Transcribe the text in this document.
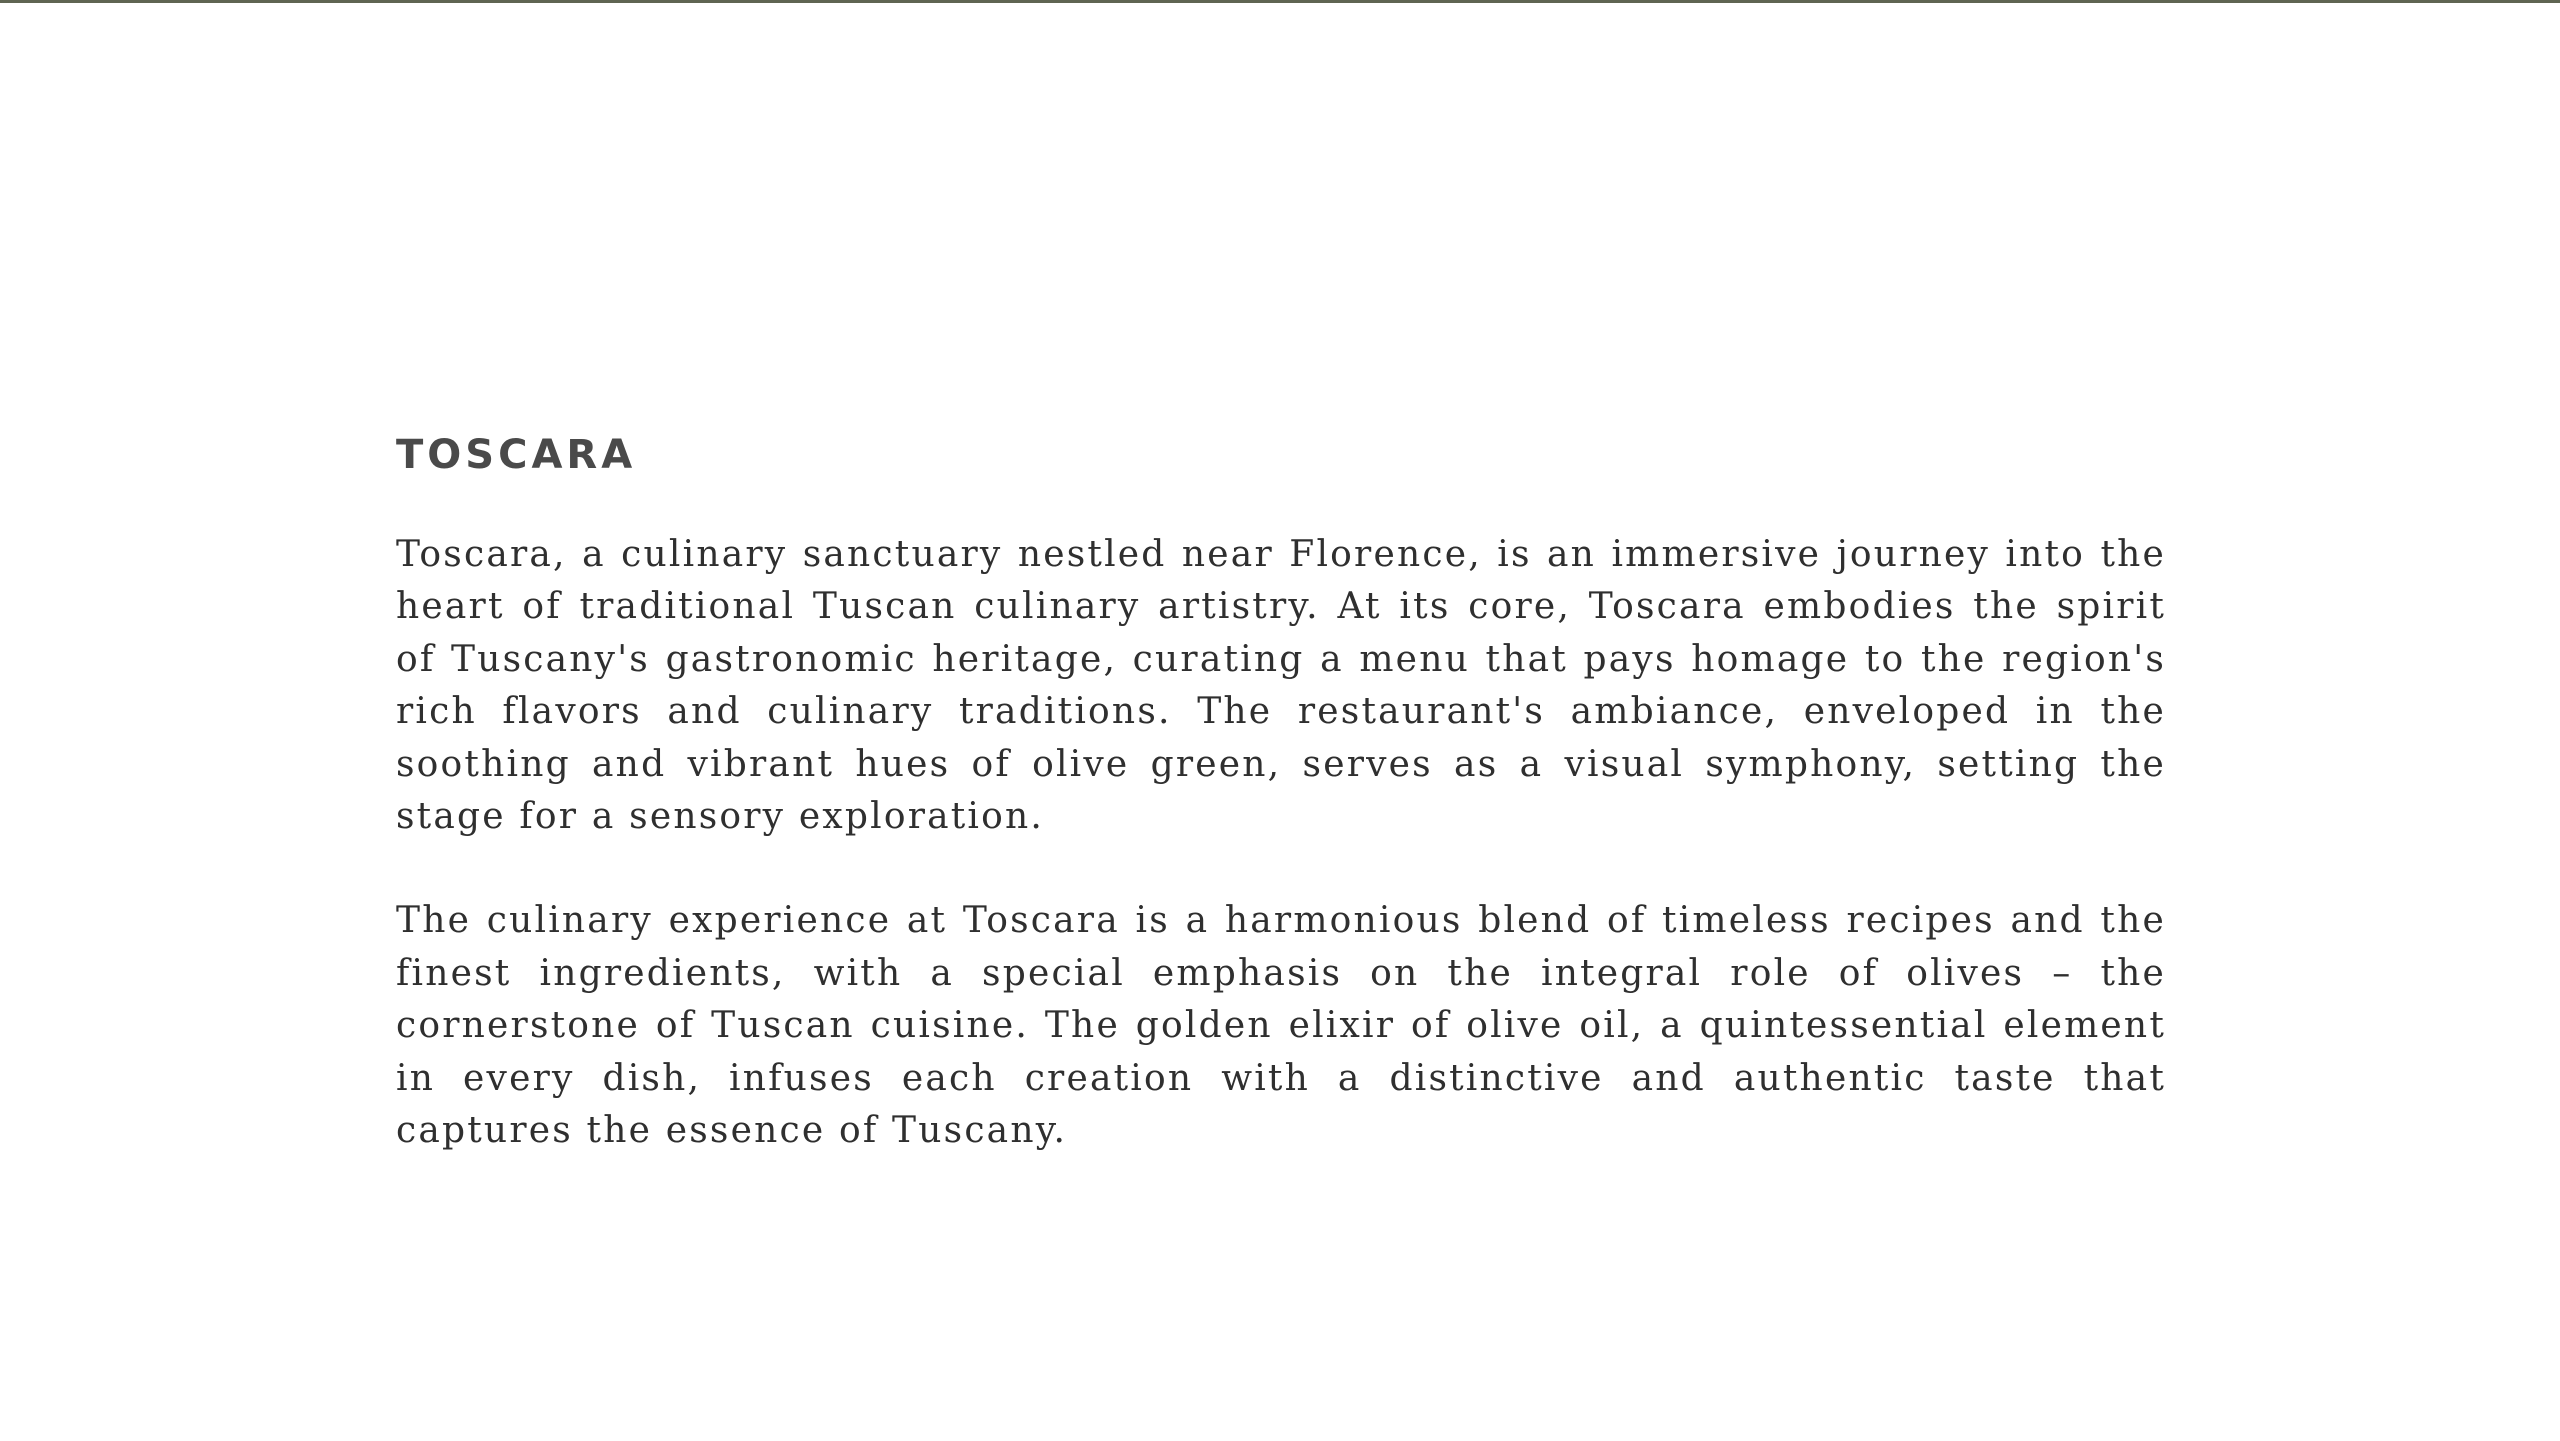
TOSCARA

Toscara, a culinary sanctuary nestled near Florence, is an immersive journey into the heart of traditional Tuscan culinary artistry. At its core, Toscara embodies the spirit of Tuscany's gastronomic heritage, curating a menu that pays homage to the region's rich flavors and culinary traditions. The restaurant's ambiance, enveloped in the soothing and vibrant hues of olive green, serves as a visual symphony, setting the stage for a sensory exploration.

The culinary experience at Toscara is a harmonious blend of timeless recipes and the finest ingredients, with a special emphasis on the integral role of olives – the cornerstone of Tuscan cuisine. The golden elixir of olive oil, a quintessential element in every dish, infuses each creation with a distinctive and authentic taste that captures the essence of Tuscany.
